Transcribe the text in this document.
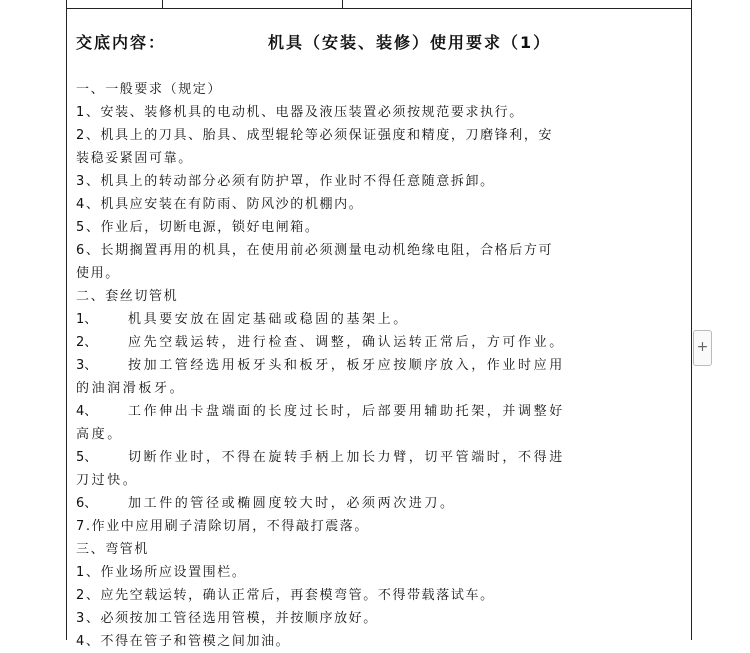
交底内容：	机具（安装、装修）使用要求（1）
一、一般要求（规定）
1、安装、装修机具的电动机、电器及液压装置必须按规范要求执行。
2、机具上的刀具、胎具、成型辊轮等必须保证强度和精度，刀磨锋利，安
装稳妥紧固可靠。
3、机具上的转动部分必须有防护罩，作业时不得任意随意拆卸。
4、机具应安装在有防雨、防风沙的机棚内。
5、作业后，切断电源，锁好电闸箱。
6、长期搁置再用的机具，在使用前必须测量电动机绝缘电阻，合格后方可
使用。
二、套丝切管机
1、 机具要安放在固定基础或稳固的基架上。
2、 应先空载运转，进行检查、调整，确认运转正常后，方可作业。
3、 按加工管经选用板牙头和板牙，板牙应按顺序放入，作业时应用
的油润滑板牙。
4、 工作伸出卡盘端面的长度过长时，后部要用辅助托架，并调整好
高度。
5、 切断作业时，不得在旋转手柄上加长力臂，切平管端时，不得进
刀过快。
6、 加工件的管径或椭圆度较大时，必须两次进刀。
7.作业中应用刷子清除切屑，不得敲打震落。
三、弯管机
1、作业场所应设置围栏。
2、应先空载运转，确认正常后，再套模弯管。不得带载落试车。
3、必须按加工管径选用管模，并按顺序放好。
4、不得在管子和管模之间加油。
+
